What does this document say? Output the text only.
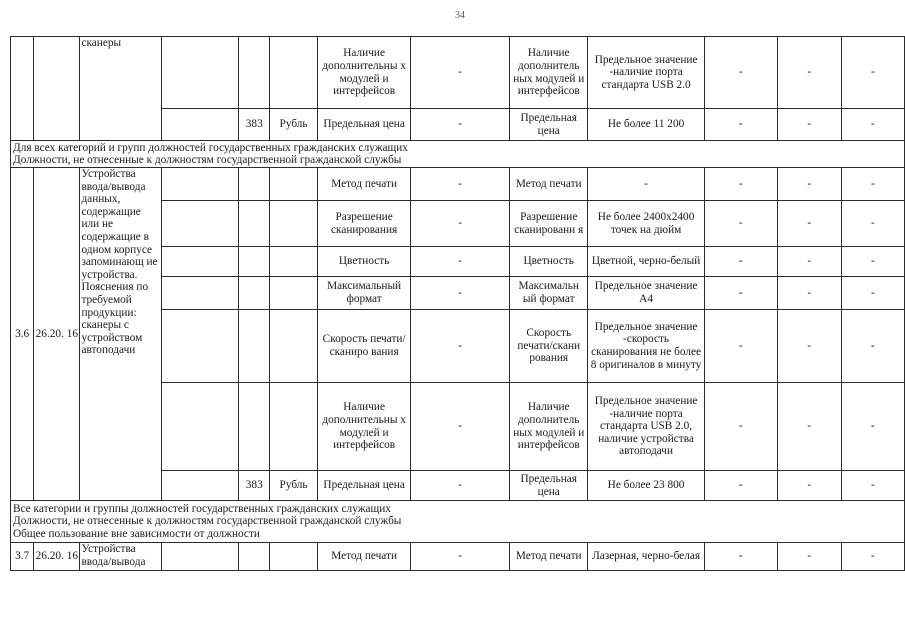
34
		сканеры				Наличие дополнительны х модулей и интерфейсов	-	Наличие дополнитель ных модулей и интерфейсов	Предельное значение -наличие порта стандарта USB 2.0	-	-	-
				383	Рубль	Предельная цена	-	Предельная цена	Не более 11 200	-	-	-

Для всех категорий и групп должностей государственных гражданских служащих
Должности, не отнесенные к должностям государственной гражданской службы												

3.6	26.20. 16	Устройства ввода/вывода данных, содержащие или не содержащие в одном корпусе запоминающ ие устройства. Пояснения по требуемой продукции: сканеры с устройством автоподачи				Метод печати	-	Метод печати	-	-	-	-
						Разрешение сканирования	-	Разрешение сканировани я	Не более 2400x2400 точек на дюйм	-	-	-
						Цветность	-	Цветность	Цветной, черно-белый	-	-	-
						Максимальный формат	-	Максимальн ый формат	Предельное значение А4	-	-	-
						Скорость печати/сканиро вания	-	Скорость печати/скани рования	Предельное значение -скорость сканирования не более 8 оригиналов в минуту	-	-	-
						Наличие дополнительны х модулей и интерфейсов	-	Наличие дополнитель ных модулей и интерфейсов	Предельное значение -наличие порта стандарта USB 2.0, наличие устройства автоподачи	-	-	-
				383	Рубль	Предельная цена	-	Предельная цена	Не более 23 800	-	-	-

Все категории и группы должностей государственных гражданских служащих
Должности, не отнесенные к должностям государственной гражданской службы
Общее пользование вне зависимости от должности												

3.7	26.20. 16	Устройства ввода/вывода				Метод печати	-	Метод печати	Лазерная, черно-белая	-	-	-
